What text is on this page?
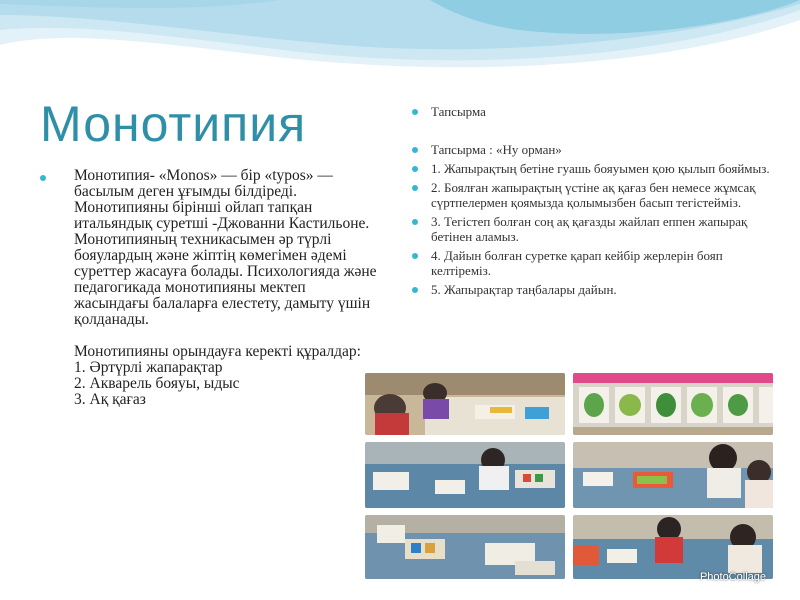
Монотипия
Монотипия- «Monos» — бір «typos» — басылым деген ұғымды білдіреді. Монотипияны бірінші ойлап тапқан итальяндық суретші -Джованни Кастильоне.
Монотипияның техникасымен әр түрлі бояулардың және жіптің көмегімен әдемі суреттер жасауға болады. Психологияда және педагогикада монотипияны мектеп жасындағы балаларға елестету, дамыту үшін қолданады.
Монотипияны орындауға керекті құралдар:
1. Әртүрлі жапарақтар
2. Акварель бояуы, ыдыс
3. Ақ қағаз
Тапсырма
Тапсырма : «Ну орман»
1. Жапырақтың бетіне гуашь бояуымен қою қылып бояймыз.
2. Боялған жапырақтың үстіне ақ қағаз бен немесе жұмсақ сүртпелермен қоямызда қолымызбен басып тегістейміз.
3. Тегістеп болған соң ақ қағазды жайлап еппен жапырақ бетінен аламыз.
4. Дайын болған суретке қарап кейбір жерлерін бояп келтіреміз.
5. Жапырақтар таңбалары дайын.
PhotoCollage
